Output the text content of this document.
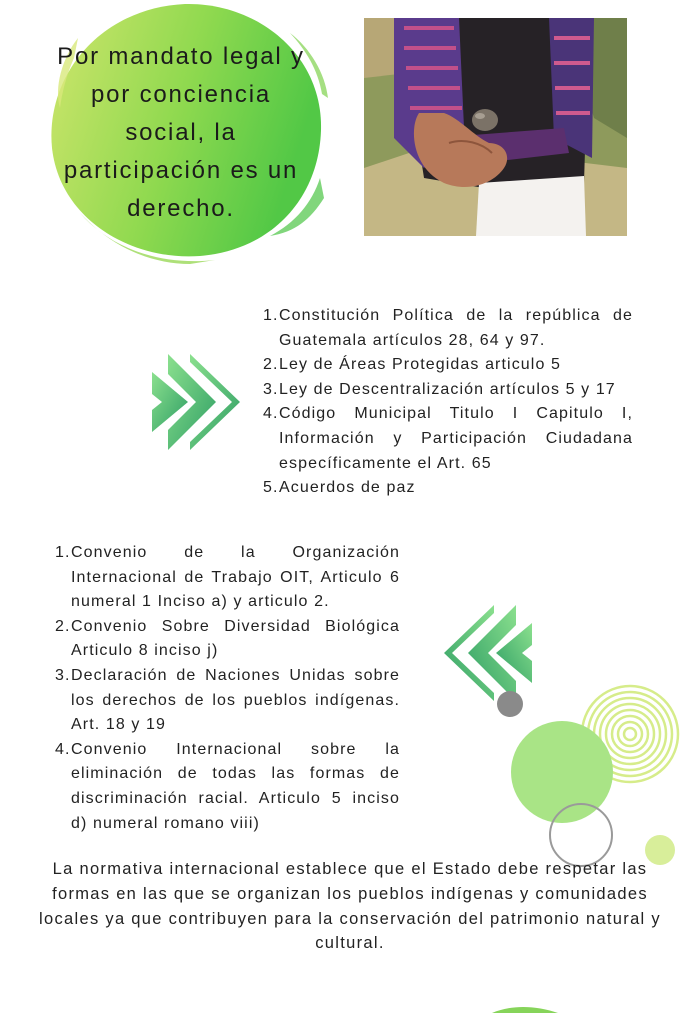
Por mandato legal y por conciencia social, la participación es un derecho.
1. Constitución Política de la república de Guatemala artículos 28, 64 y 97.
2. Ley de Áreas Protegidas articulo 5
3. Ley de Descentralización artículos 5 y 17
4. Código Municipal Titulo I Capitulo I, Información y Participación Ciudadana específicamente el Art. 65
5. Acuerdos de paz
1. Convenio de la Organización Internacional de Trabajo OIT, Articulo 6 numeral 1 Inciso a) y articulo 2.
2. Convenio Sobre Diversidad Biológica Articulo 8 inciso j)
3. Declaración de Naciones Unidas sobre los derechos de los pueblos indígenas. Art. 18 y 19
4. Convenio Internacional sobre la eliminación de todas las formas de discriminación racial. Articulo 5 inciso d) numeral romano viii)
La normativa internacional establece que el Estado debe respetar las formas en las que se organizan los pueblos indígenas y comunidades locales ya que contribuyen para la conservación del patrimonio natural y cultural.
